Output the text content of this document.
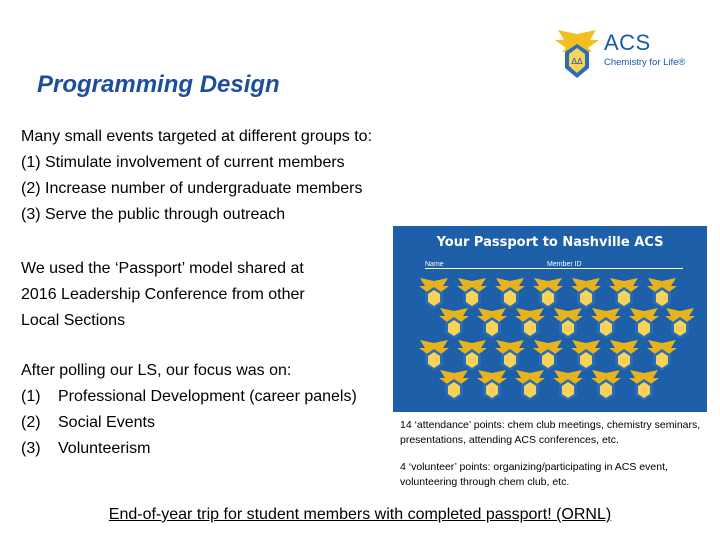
ΔΔ
ACS
Chemistry for Life®
Programming Design
Many small events targeted at different groups to:
(1) Stimulate involvement of current members
(2) Increase number of undergraduate members
(3) Serve the public through outreach
We used the ‘Passport’ model shared at
2016 Leadership Conference from other
Local Sections
After polling our LS, our focus was on:
(1) Professional Development (career panels)
(2) Social Events
(3) Volunteerism
Your Passport to Nashville ACS
Name	Member ID
14 ‘attendance’ points: chem club meetings, chemistry seminars, presentations, attending ACS conferences, etc.
4 ‘volunteer’ points: organizing/participating in ACS event, volunteering through chem club, etc.
End-of-year trip for student members with completed passport! (ORNL)
